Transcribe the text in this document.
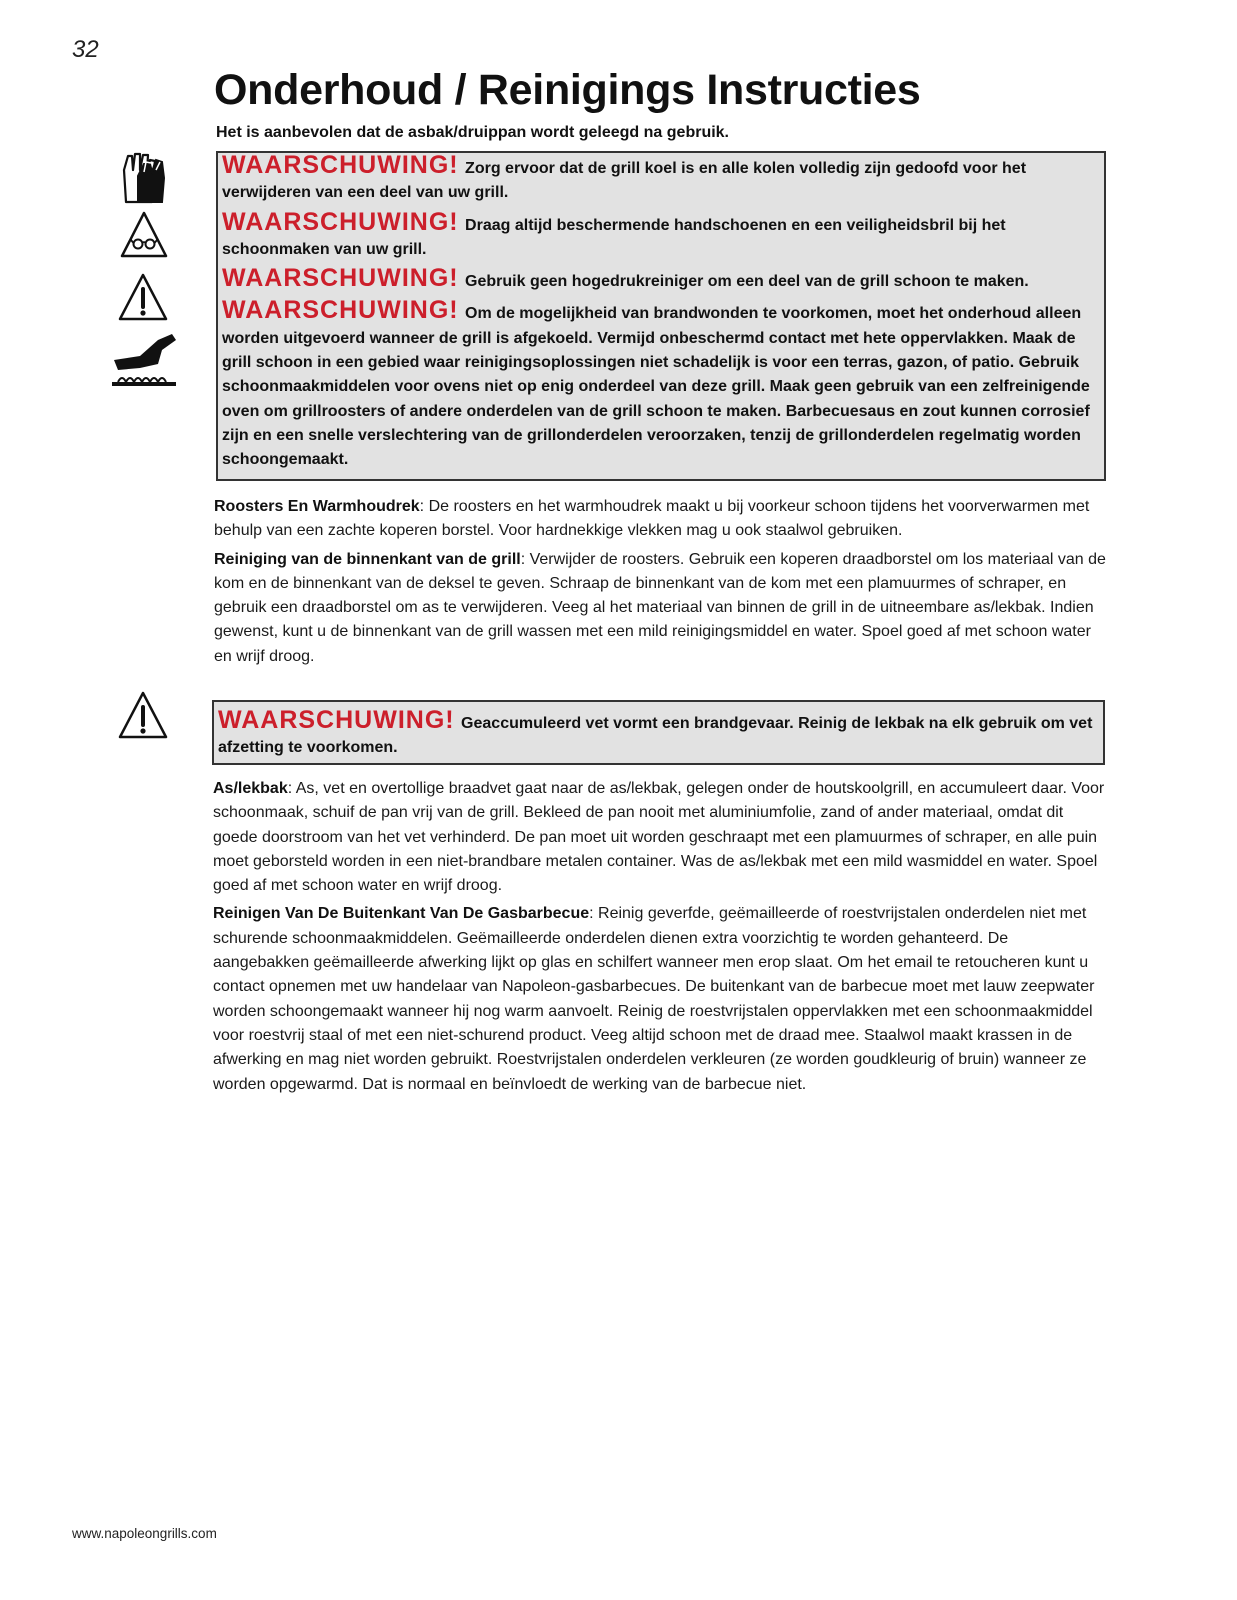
32
Onderhoud / Reinigings Instructies
Het is aanbevolen dat de asbak/druippan wordt geleegd na gebruik.

WAARSCHUWING! Zorg ervoor dat de grill koel is en alle kolen volledig zijn gedoofd voor het verwijderen van een deel van uw grill.

WAARSCHUWING! Draag altijd beschermende handschoenen en een veiligheidsbril bij het schoonmaken van uw grill.

WAARSCHUWING! Gebruik geen hogedrukreiniger om een deel van de grill schoon te maken.

WAARSCHUWING! Om de mogelijkheid van brandwonden te voorkomen, moet het onderhoud alleen worden uitgevoerd wanneer de grill is afgekoeld. Vermijd onbeschermd contact met hete oppervlakken. Maak de grill schoon in een gebied waar reinigingsoplossingen niet schadelijk is voor een terras, gazon, of patio. Gebruik schoonmaakmiddelen voor ovens niet op enig onderdeel van deze grill. Maak geen gebruik van een zelfreinigende oven om grillroosters of andere onderdelen van de grill schoon te maken. Barbecuesaus en zout kunnen corrosief zijn en een snelle verslechtering van de grillonderdelen veroorzaken, tenzij de grillonderdelen regelmatig worden schoongemaakt.

Roosters En Warmhoudrek: De roosters en het warmhoudrek maakt u bij voorkeur schoon tijdens het voorverwarmen met behulp van een zachte koperen borstel. Voor hardnekkige vlekken mag u ook staalwol gebruiken.

Reiniging van de binnenkant van de grill: Verwijder de roosters. Gebruik een koperen draadborstel om los materiaal van de kom en de binnenkant van de deksel te geven. Schraap de binnenkant van de kom met een plamuurmes of schraper, en gebruik een draadborstel om as te verwijderen. Veeg al het materiaal van binnen de grill in de uitneembare as/lekbak. Indien gewenst, kunt u de binnenkant van de grill wassen met een mild reinigingsmiddel en water. Spoel goed af met schoon water en wrijf droog.

WAARSCHUWING! Geaccumuleerd vet vormt een brandgevaar. Reinig de lekbak na elk gebruik om vet afzetting te voorkomen.

As/lekbak: As, vet en overtollige braadvet gaat naar de as/lekbak, gelegen onder de houtskoolgrill, en accumuleert daar. Voor schoonmaak, schuif de pan vrij van de grill. Bekleed de pan nooit met aluminiumfolie, zand of ander materiaal, omdat dit goede doorstroom van het vet verhinderd. De pan moet uit worden geschraapt met een plamuurmes of schraper, en alle puin moet geborsteld worden in een niet-brandbare metalen container. Was de as/lekbak met een mild wasmiddel en water. Spoel goed af met schoon water en wrijf droog.

Reinigen Van De Buitenkant Van De Gasbarbecue: Reinig geverfde, geëmailleerde of roestvrijstalen onderdelen niet met schurende schoonmaakmiddelen. Geëmailleerde onderdelen dienen extra voorzichtig te worden gehanteerd. De aangebakken geëmailleerde afwerking lijkt op glas en schilfert wanneer men erop slaat. Om het email te retoucheren kunt u contact opnemen met uw handelaar van Napoleon-gasbarbecues. De buitenkant van de barbecue moet met lauw zeepwater worden schoongemaakt wanneer hij nog warm aanvoelt. Reinig de roestvrijstalen oppervlakken met een schoonmaakmiddel voor roestvrij staal of met een niet-schurend product. Veeg altijd schoon met de draad mee. Staalwol maakt krassen in de afwerking en mag niet worden gebruikt. Roestvrijstalen onderdelen verkleuren (ze worden goudkleurig of bruin) wanneer ze worden opgewarmd. Dat is normaal en beïnvloedt de werking van de barbecue niet.

www.napoleongrills.com
